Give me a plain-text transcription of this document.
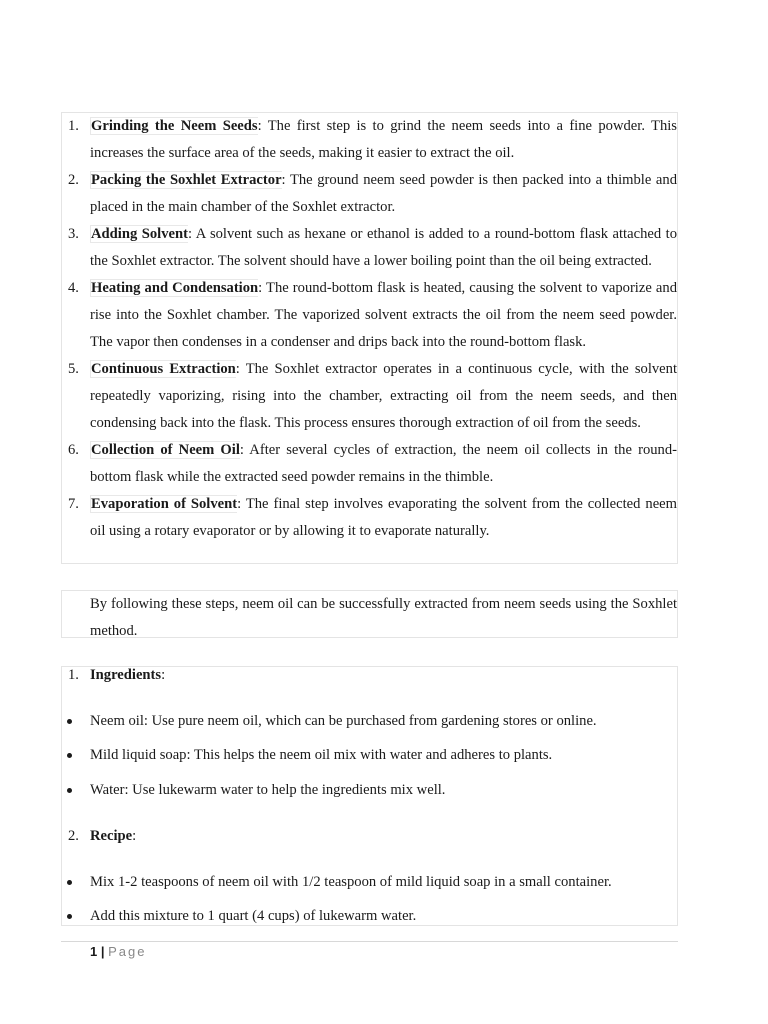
1. Grinding the Neem Seeds: The first step is to grind the neem seeds into a fine powder. This increases the surface area of the seeds, making it easier to extract the oil.
2. Packing the Soxhlet Extractor: The ground neem seed powder is then packed into a thimble and placed in the main chamber of the Soxhlet extractor.
3. Adding Solvent: A solvent such as hexane or ethanol is added to a round-bottom flask attached to the Soxhlet extractor. The solvent should have a lower boiling point than the oil being extracted.
4. Heating and Condensation: The round-bottom flask is heated, causing the solvent to vaporize and rise into the Soxhlet chamber. The vaporized solvent extracts the oil from the neem seed powder. The vapor then condenses in a condenser and drips back into the round-bottom flask.
5. Continuous Extraction: The Soxhlet extractor operates in a continuous cycle, with the solvent repeatedly vaporizing, rising into the chamber, extracting oil from the neem seeds, and then condensing back into the flask. This process ensures thorough extraction of oil from the seeds.
6. Collection of Neem Oil: After several cycles of extraction, the neem oil collects in the round-bottom flask while the extracted seed powder remains in the thimble.
7. Evaporation of Solvent: The final step involves evaporating the solvent from the collected neem oil using a rotary evaporator or by allowing it to evaporate naturally.

By following these steps, neem oil can be successfully extracted from neem seeds using the Soxhlet method.

1. Ingredients:
Neem oil: Use pure neem oil, which can be purchased from gardening stores or online.
Mild liquid soap: This helps the neem oil mix with water and adheres to plants.
Water: Use lukewarm water to help the ingredients mix well.
2. Recipe:
Mix 1-2 teaspoons of neem oil with 1/2 teaspoon of mild liquid soap in a small container.
Add this mixture to 1 quart (4 cups) of lukewarm water.
1 | Page
